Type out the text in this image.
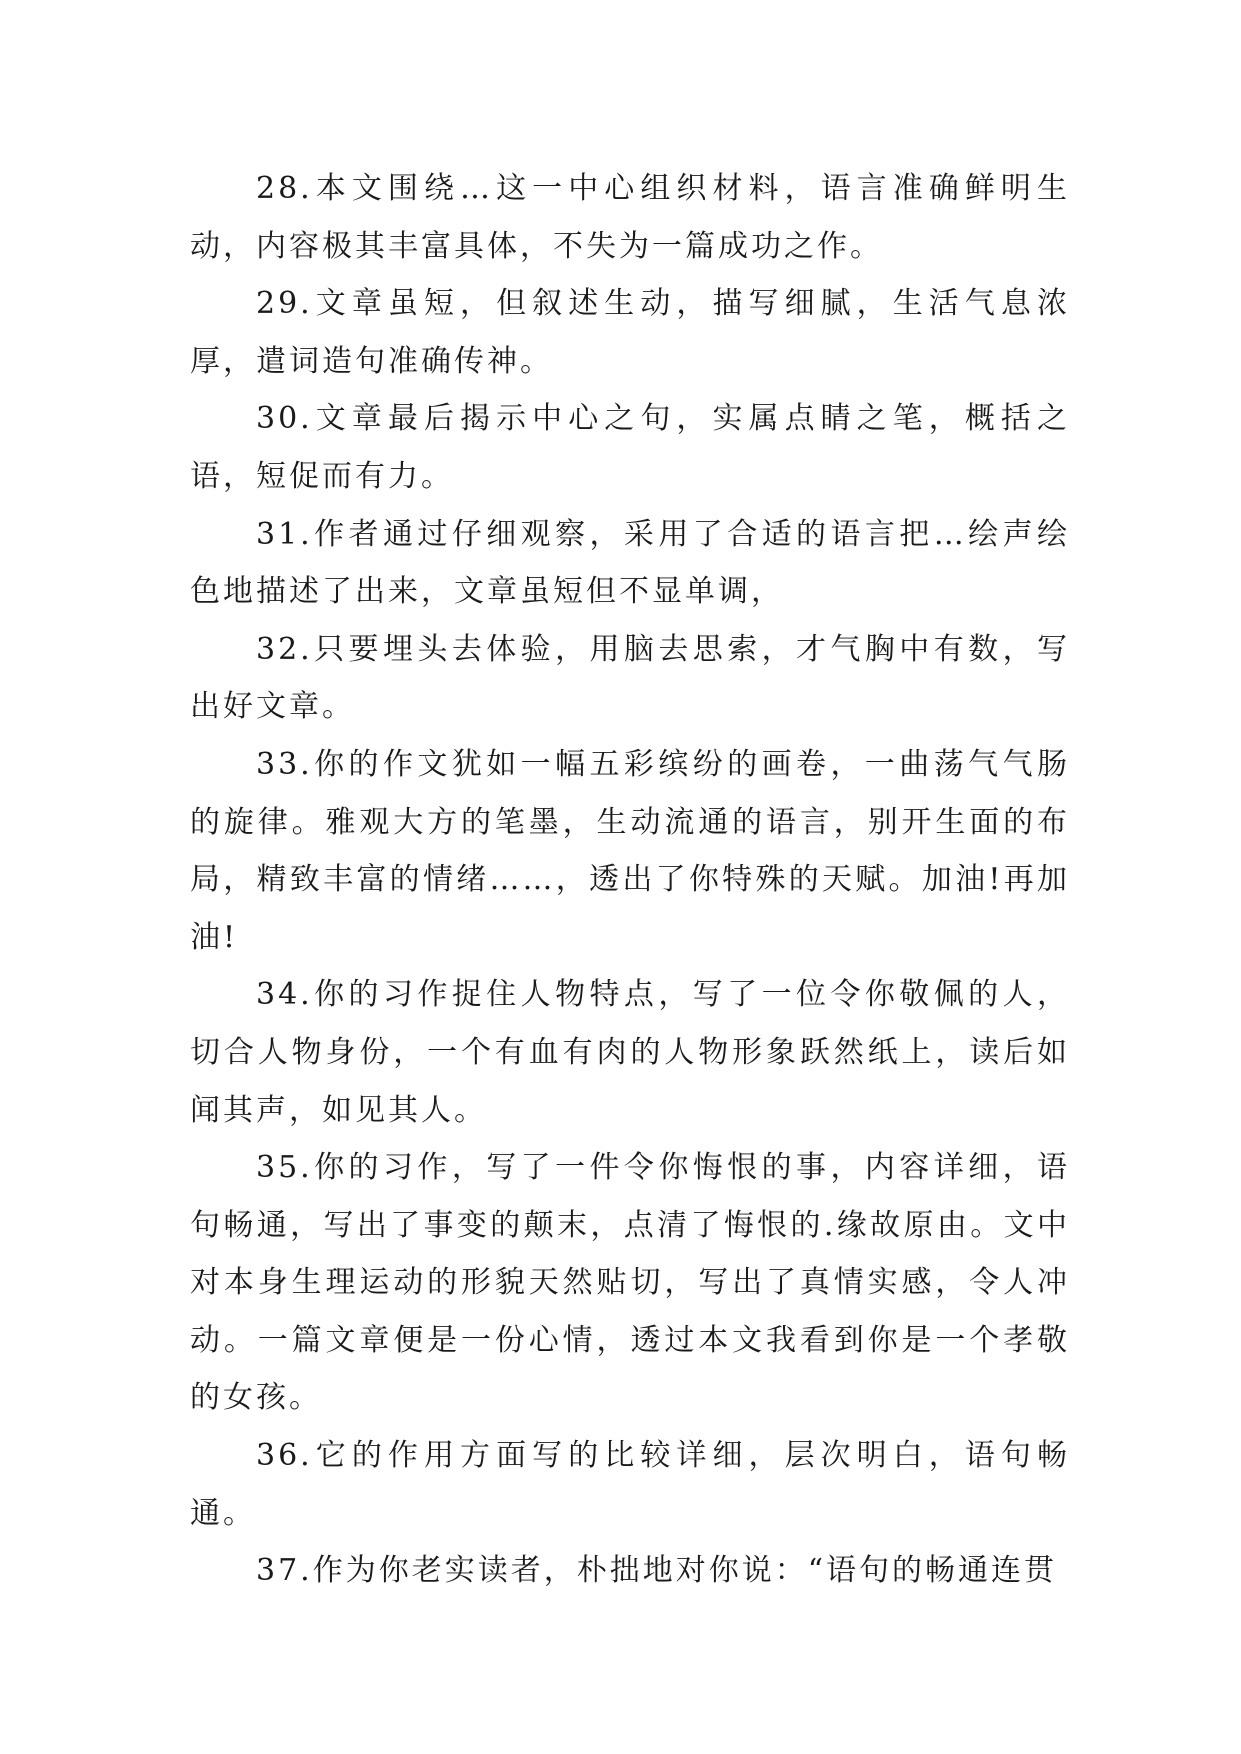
28.本文围绕…这一中心组织材料，语言准确鲜明生动，内容极其丰富具体，不失为一篇成功之作。

29.文章虽短，但叙述生动，描写细腻，生活气息浓厚，遣词造句准确传神。

30.文章最后揭示中心之句，实属点睛之笔，概括之语，短促而有力。

31.作者通过仔细观察，采用了合适的语言把…绘声绘色地描述了出来，文章虽短但不显单调，

32.只要埋头去体验，用脑去思索，才气胸中有数，写出好文章。

33.你的作文犹如一幅五彩缤纷的画卷，一曲荡气气肠的旋律。雅观大方的笔墨，生动流通的语言，别开生面的布局，精致丰富的情绪……，透出了你特殊的天赋。加油!再加油!

34.你的习作捉住人物特点，写了一位令你敬佩的人，切合人物身份，一个有血有肉的人物形象跃然纸上，读后如闻其声，如见其人。

35.你的习作，写了一件令你悔恨的事，内容详细，语句畅通，写出了事变的颠末，点清了悔恨的.缘故原由。文中对本身生理运动的形貌天然贴切，写出了真情实感，令人冲动。一篇文章便是一份心情，透过本文我看到你是一个孝敬的女孩。

36.它的作用方面写的比较详细，层次明白，语句畅通。

37.作为你老实读者，朴拙地对你说：“语句的畅通连贯
